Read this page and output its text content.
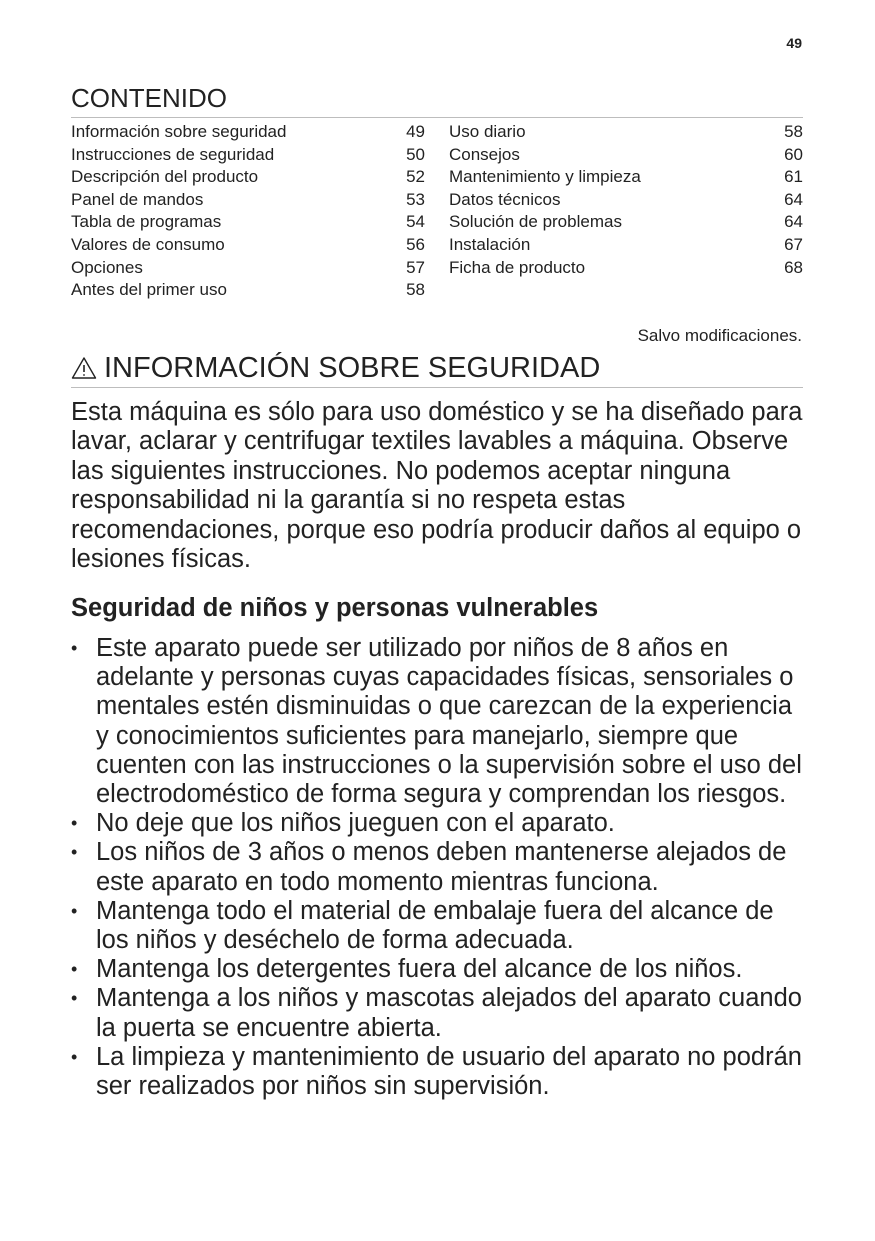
49
CONTENIDO
Información sobre seguridad	49
Instrucciones de seguridad	50
Descripción del producto	52
Panel de mandos	53
Tabla de programas	54
Valores de consumo	56
Opciones	57
Antes del primer uso	58
Uso diario	58
Consejos	60
Mantenimiento y limpieza	61
Datos técnicos	64
Solución de problemas	64
Instalación	67
Ficha de producto	68
Salvo modificaciones.
INFORMACIÓN SOBRE SEGURIDAD

Esta máquina es sólo para uso doméstico y se ha diseñado para lavar, aclarar y centrifugar textiles lavables a máquina. Observe las siguientes instrucciones. No podemos aceptar ninguna responsabilidad ni la garantía si no respeta estas recomendaciones, porque eso podría producir daños al equipo o lesiones físicas.

Seguridad de niños y personas vulnerables
• Este aparato puede ser utilizado por niños de 8 años en adelante y personas cuyas capacidades físicas, sensoriales o mentales estén disminuidas o que carezcan de la experiencia y conocimientos suficientes para manejarlo, siempre que cuenten con las instrucciones o la supervisión sobre el uso del electrodoméstico de forma segura y comprendan los riesgos.
• No deje que los niños jueguen con el aparato.
• Los niños de 3 años o menos deben mantenerse alejados de este aparato en todo momento mientras funciona.
• Mantenga todo el material de embalaje fuera del alcance de los niños y deséchelo de forma adecuada.
• Mantenga los detergentes fuera del alcance de los niños.
• Mantenga a los niños y mascotas alejados del aparato cuando la puerta se encuentre abierta.
• La limpieza y mantenimiento de usuario del aparato no podrán ser realizados por niños sin supervisión.
